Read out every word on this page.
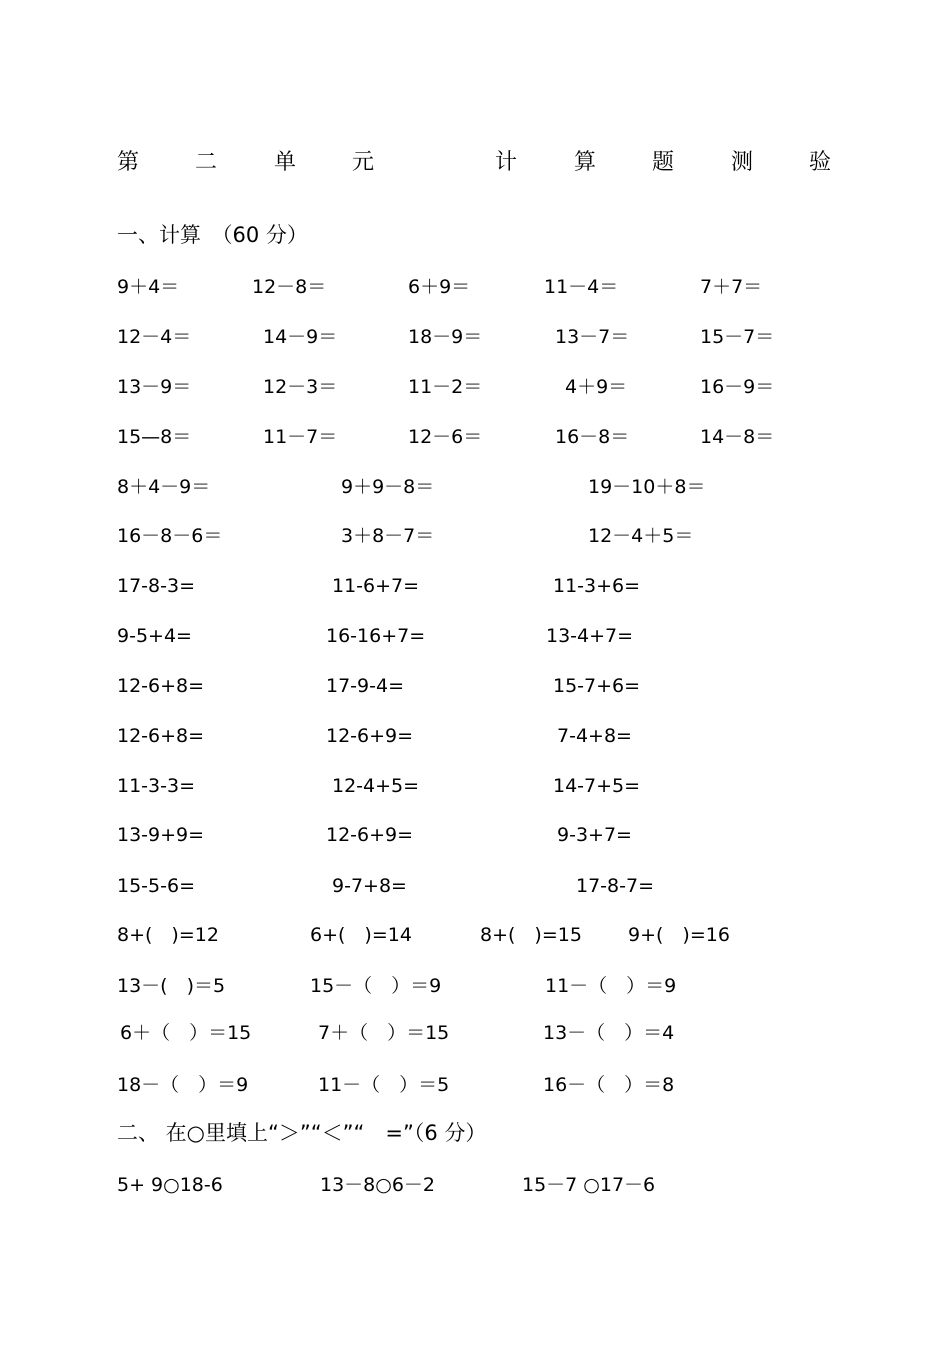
第	二	单	元	计	算	题	测	验
一、计算　（60 分）
9＋4＝	12－8＝	6＋9＝	11－4＝	7＋7＝
12－4＝	14－9＝	18－9＝	13－7＝	15－7＝
13－9＝	12－3＝	11－2＝	4＋9＝	16－9＝
15—8＝	11－7＝	12－6＝	16－8＝	14－8＝
8＋4－9＝	9＋9－8＝	19－10＋8＝
16－8－6＝	3＋8－7＝	12－4＋5＝
17-8-3=	11-6+7=	11-3+6=
9-5+4=	16-16+7=	13-4+7=
12-6+8=	17-9-4=	15-7+6=
12-6+8=	12-6+9=	7-4+8=
11-3-3=	12-4+5=	14-7+5=
13-9+9=	12-6+9=	9-3+7=
15-5-6=	9-7+8=	17-8-7=
8+(　)=12	6+(　)=14	8+(　)=15 9+(　)=16
13－(　)＝5	15－（　）＝9	11－（　）＝9
6＋（　）＝15	7＋（　）＝15	13－（　）＝4
18－（　）＝9	11－（　）＝5	16－（　）＝8
二、 在○里填上“＞”“＜”“　=”（6 分）
5+ 9○18-6	13－8○6－2	15－7 ○17－6
